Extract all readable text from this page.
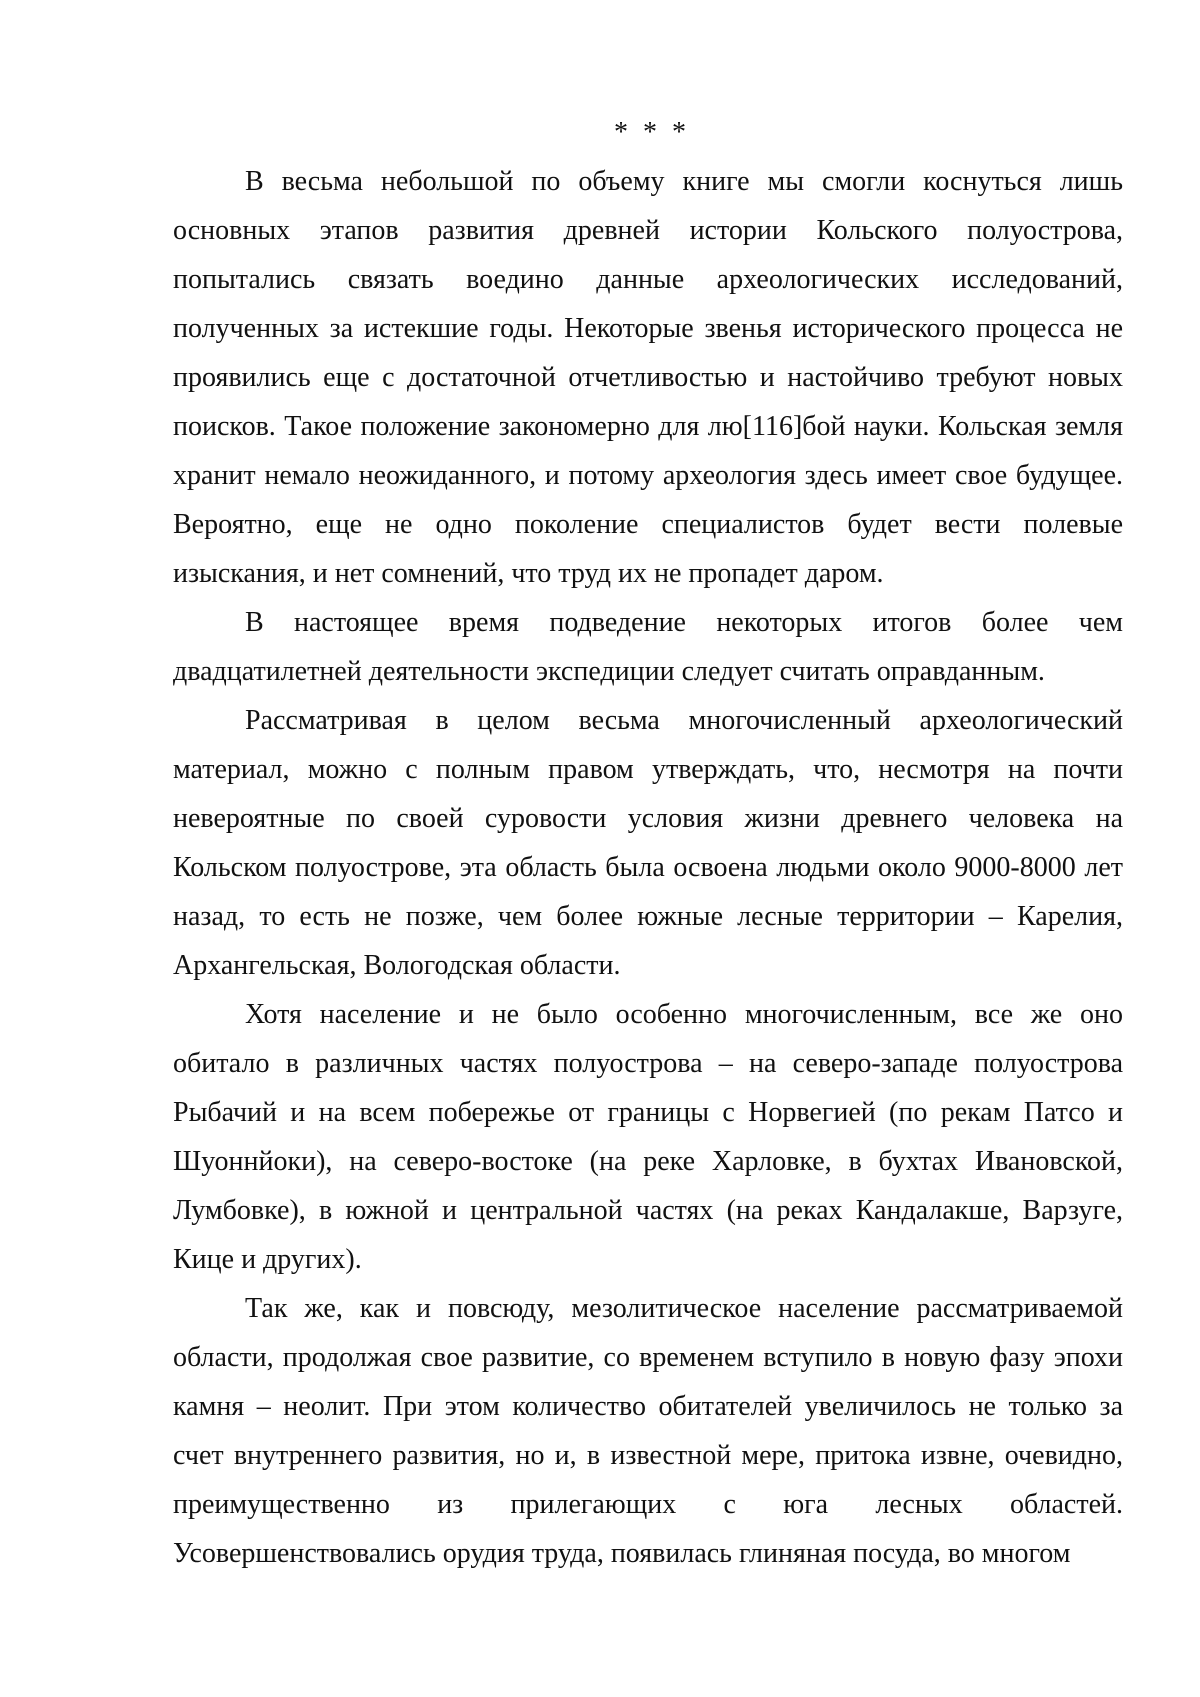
* * *

В весьма небольшой по объему книге мы смогли коснуться лишь основных этапов развития древней истории Кольского полуострова, попытались связать воедино данные археологических исследований, полученных за истекшие годы. Некоторые звенья исторического процесса не проявились еще с достаточной отчетливостью и настойчиво требуют новых поисков. Такое положение закономерно для лю[116]бой науки. Кольская земля хранит немало неожиданного, и потому археология здесь имеет свое будущее. Вероятно, еще не одно поколение специалистов будет вести полевые изыскания, и нет сомнений, что труд их не пропадет даром.

В настоящее время подведение некоторых итогов более чем двадцатилетней деятельности экспедиции следует считать оправданным.

Рассматривая в целом весьма многочисленный археологический материал, можно с полным правом утверждать, что, несмотря на почти невероятные по своей суровости условия жизни древнего человека на Кольском полуострове, эта область была освоена людьми около 9000-8000 лет назад, то есть не позже, чем более южные лесные территории – Карелия, Архангельская, Вологодская области.

Хотя население и не было особенно многочисленным, все же оно обитало в различных частях полуострова – на северо-западе полуострова Рыбачий и на всем побережье от границы с Норвегией (по рекам Патсо и Шуоннйоки), на северо-востоке (на реке Харловке, в бухтах Ивановской, Лумбовке), в южной и центральной частях (на реках Кандалакше, Варзуге, Кице и других).

Так же, как и повсюду, мезолитическое население рассматриваемой области, продолжая свое развитие, со временем вступило в новую фазу эпохи камня – неолит. При этом количество обитателей увеличилось не только за счет внутреннего развития, но и, в известной мере, притока извне, очевидно, преимущественно из прилегающих с юга лесных областей. Усовершенствовались орудия труда, появилась глиняная посуда, во многом
